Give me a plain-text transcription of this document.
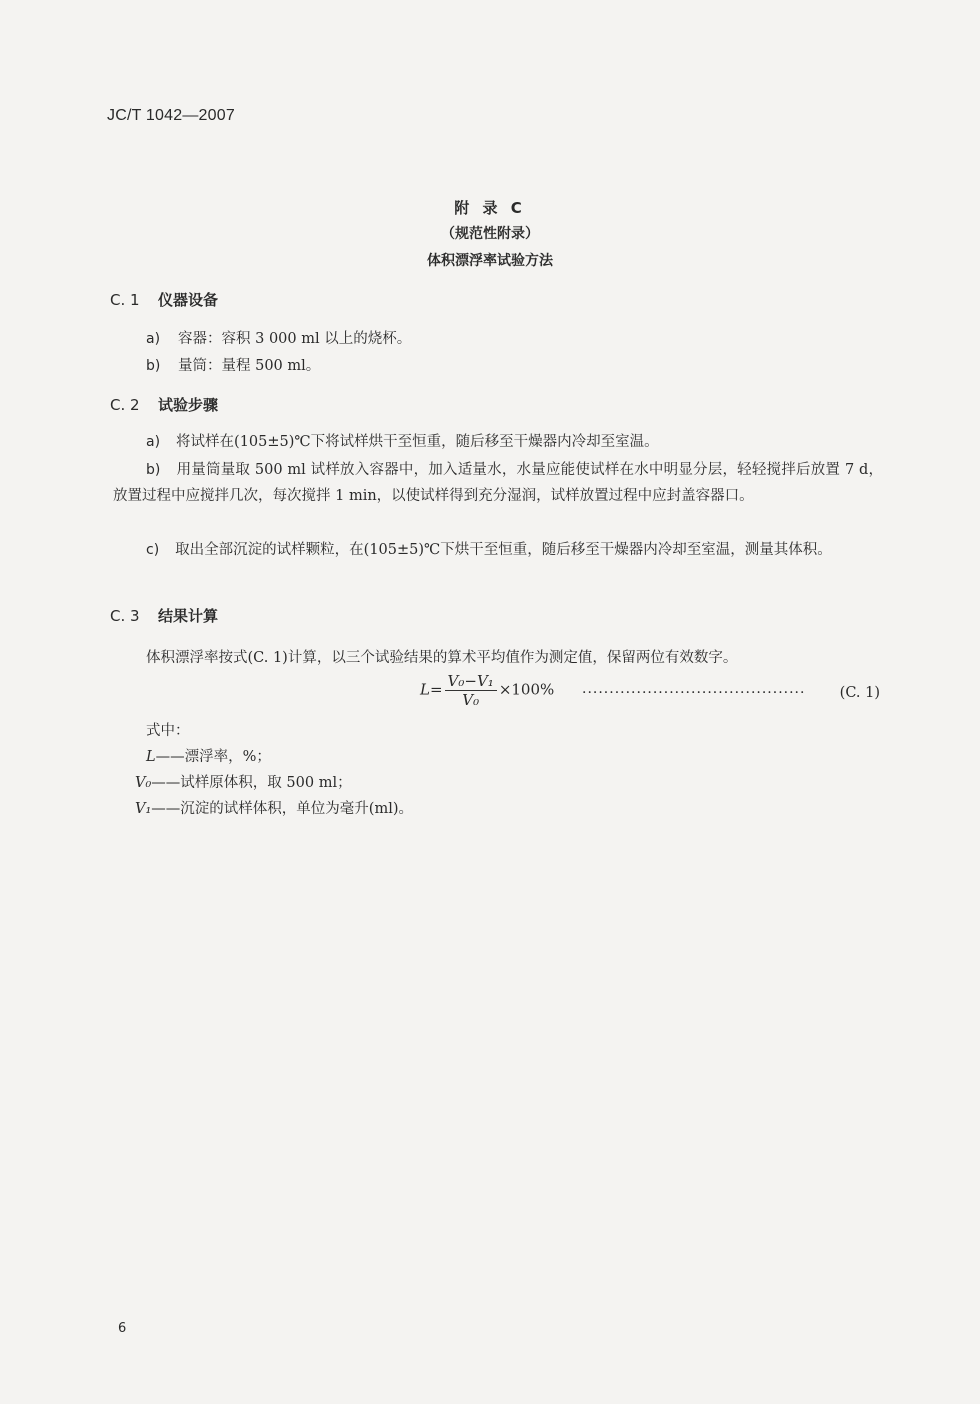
JC/T 1042—2007
附 录 C
（规范性附录）
体积漂浮率试验方法
C. 1 仪器设备
a) 容器：容积 3 000 ml 以上的烧杯。
b) 量筒：量程 500 ml。
C. 2 试验步骤
a) 将试样在(105±5)℃下将试样烘干至恒重，随后移至干燥器内冷却至室温。
b) 用量筒量取 500 ml 试样放入容器中，加入适量水，水量应能使试样在水中明显分层，轻轻搅拌后放置 7 d，放置过程中应搅拌几次，每次搅拌 1 min，以使试样得到充分湿润，试样放置过程中应封盖容器口。
c) 取出全部沉淀的试样颗粒，在(105±5)℃下烘干至恒重，随后移至干燥器内冷却至室温，测量其体积。
C. 3 结果计算
体积漂浮率按式(C. 1)计算，以三个试验结果的算术平均值作为测定值，保留两位有效数字。
$L= \frac{\text{V₀−V₁}}{\text{V₀}} \times 100\%$ ········································· (C. 1)
式中：
L——漂浮率，%；
V₀——试样原体积，取 500 ml；
V₁——沉淀的试样体积，单位为毫升(ml)。
6
